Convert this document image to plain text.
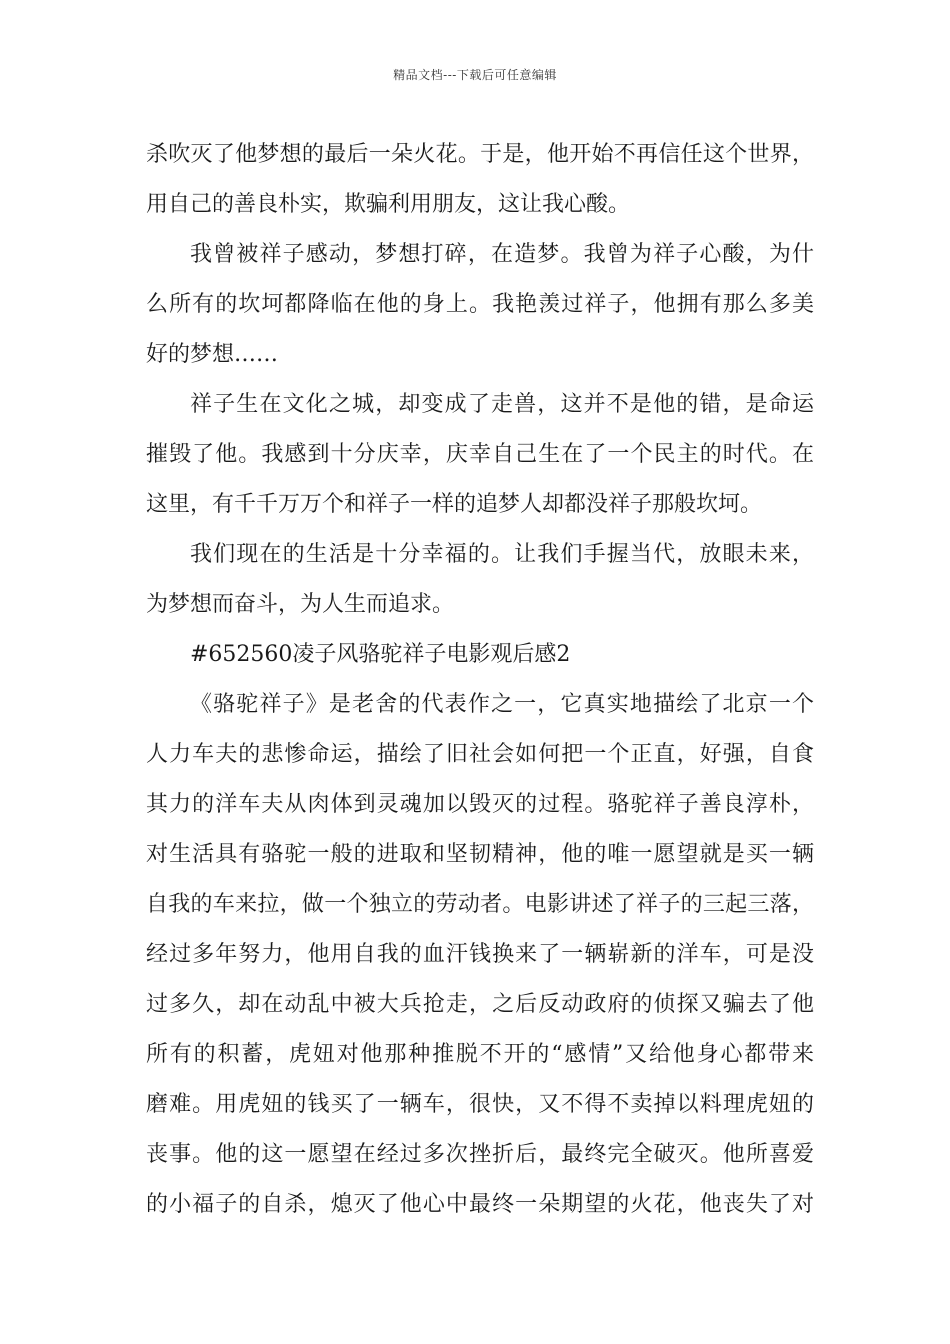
精品文档---下载后可任意编辑
杀吹灭了他梦想的最后一朵火花。于是，他开始不再信任这个世界，
用自己的善良朴实，欺骗利用朋友，这让我心酸。
我曾被祥子感动，梦想打碎，在造梦。我曾为祥子心酸，为什
么所有的坎坷都降临在他的身上。我艳羡过祥子，他拥有那么多美
好的梦想……
祥子生在文化之城，却变成了走兽，这并不是他的错，是命运
摧毁了他。我感到十分庆幸，庆幸自己生在了一个民主的时代。在
这里，有千千万万个和祥子一样的追梦人却都没祥子那般坎坷。
我们现在的生活是十分幸福的。让我们手握当代，放眼未来，
为梦想而奋斗，为人生而追求。
#652560凌子风骆驼祥子电影观后感2
《骆驼祥子》是老舍的代表作之一，它真实地描绘了北京一个
人力车夫的悲惨命运，描绘了旧社会如何把一个正直，好强，自食
其力的洋车夫从肉体到灵魂加以毁灭的过程。骆驼祥子善良淳朴，
对生活具有骆驼一般的进取和坚韧精神，他的唯一愿望就是买一辆
自我的车来拉，做一个独立的劳动者。电影讲述了祥子的三起三落，
经过多年努力，他用自我的血汗钱换来了一辆崭新的洋车，可是没
过多久，却在动乱中被大兵抢走，之后反动政府的侦探又骗去了他
所有的积蓄，虎妞对他那种推脱不开的“感情”又给他身心都带来
磨难。用虎妞的钱买了一辆车，很快，又不得不卖掉以料理虎妞的
丧事。他的这一愿望在经过多次挫折后，最终完全破灭。他所喜爱
的小福子的自杀，熄灭了他心中最终一朵期望的火花，他丧失了对
